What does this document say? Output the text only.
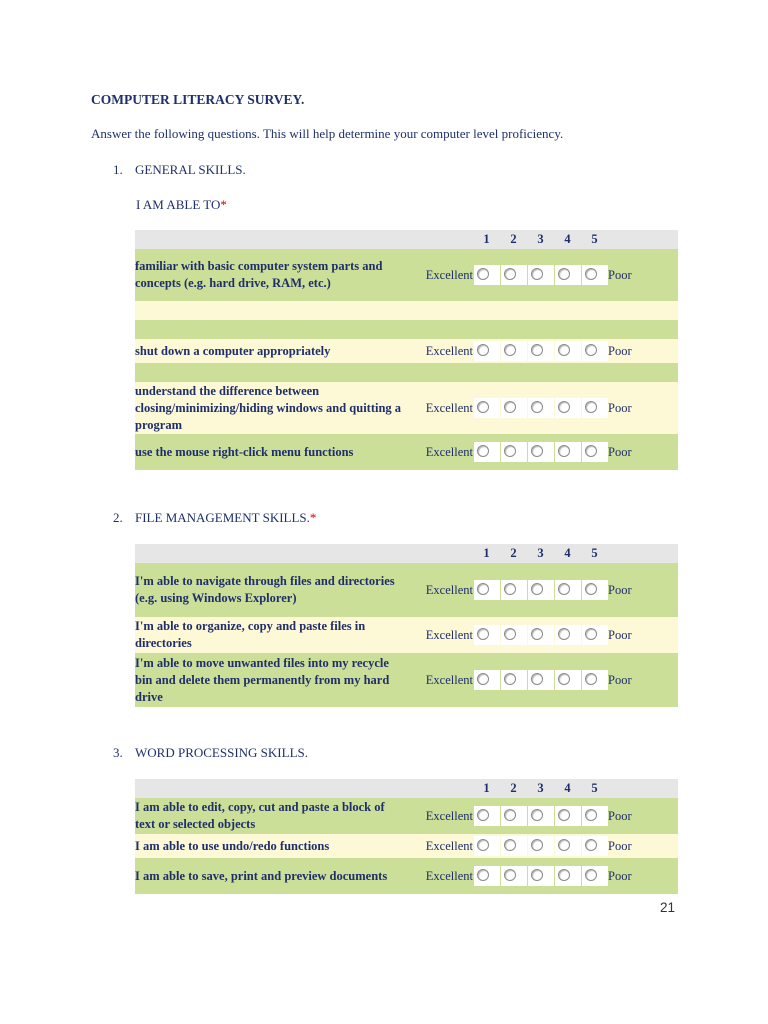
COMPUTER LITERACY SURVEY.
Answer the following questions. This will help determine your computer level proficiency.
1. GENERAL SKILLS.
I AM ABLE TO*
		1	2	3	4	5	
familiar with basic computer system parts and concepts (e.g. hard drive, RAM, etc.)	Excellent						Poor

shut down a computer appropriately	Excellent						Poor

understand the difference between closing/minimizing/hiding windows and quitting a program	Excellent						Poor
use the mouse right-click menu functions	Excellent						Poor
2. FILE MANAGEMENT SKILLS.*
		1	2	3	4	5	
I'm able to navigate through files and directories (e.g. using Windows Explorer)	Excellent						Poor
I'm able to organize, copy and paste files in directories	Excellent						Poor
I'm able to move unwanted files into my recycle bin and delete them permanently from my hard drive	Excellent						Poor
3. WORD PROCESSING SKILLS.
		1	2	3	4	5	
I am able to edit, copy, cut and paste a block of text or selected objects	Excellent						Poor
I am able to use undo/redo functions	Excellent						Poor
I am able to save, print and preview documents	Excellent						Poor
21
